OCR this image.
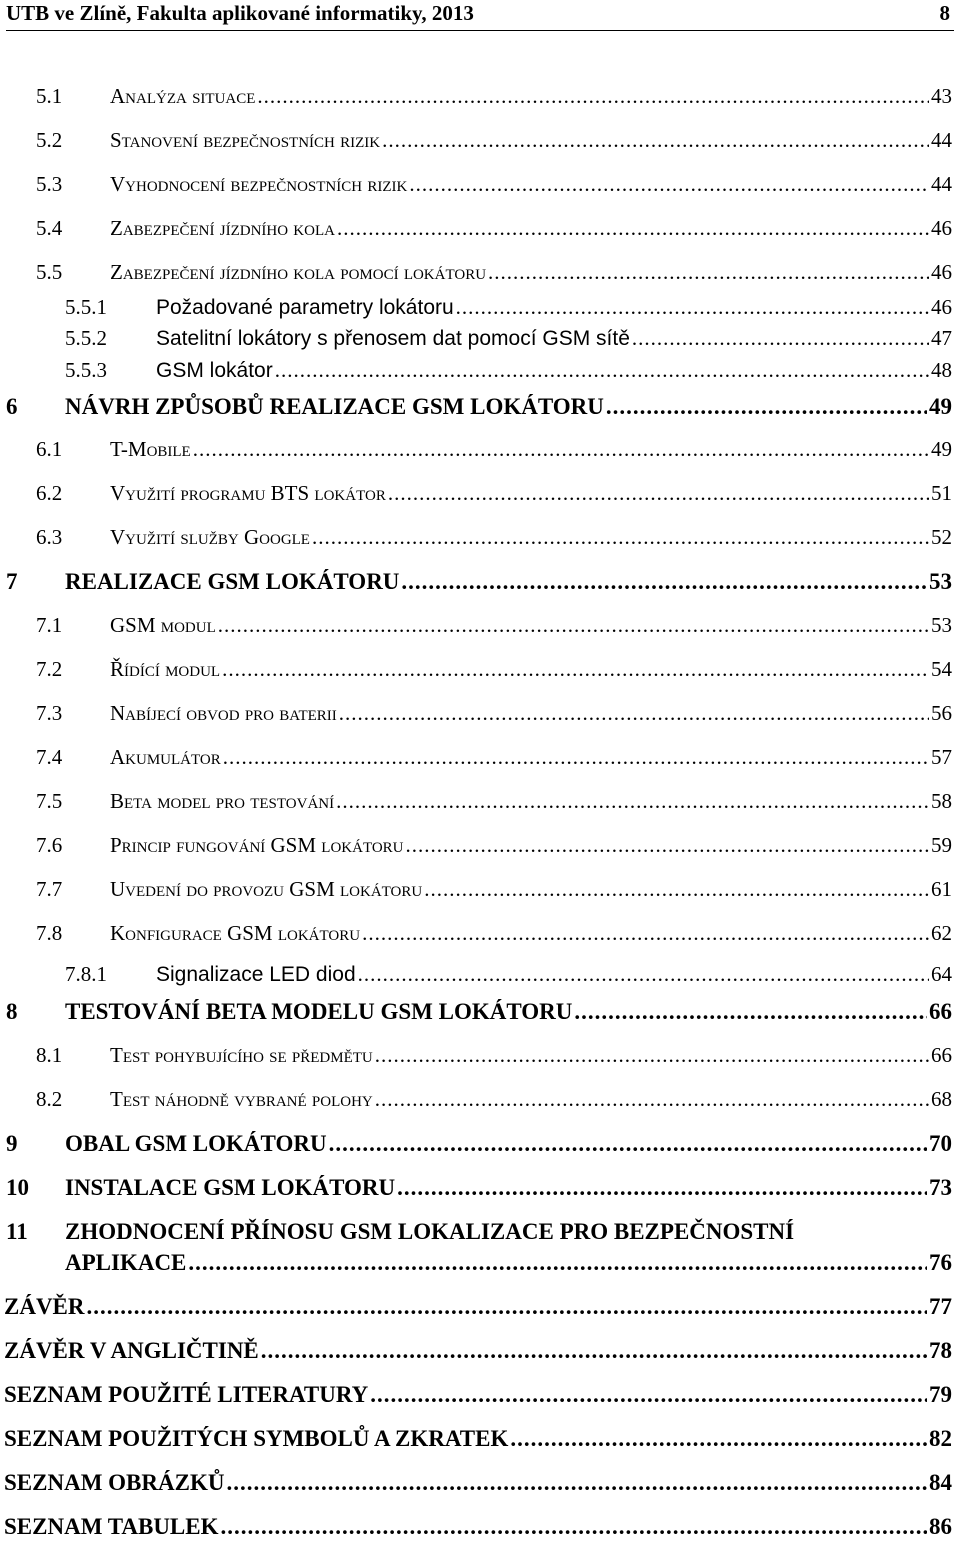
UTB ve Zlíně, Fakulta aplikované informatiky, 2013	8
5.1 Analýza situace .....	43
5.2 Stanovení bezpečnostních rizik .....	44
5.3 Vyhodnocení bezpečnostních rizik .....	44
5.4 Zabezpečení jízdního kola .....	46
5.5 Zabezpečení jízdního kola pomocí lokátoru .....	46
5.5.1 Požadované parametry lokátoru .....	46
5.5.2 Satelitní lokátory s přenosem dat pomocí GSM sítě .....	47
5.5.3 GSM lokátor .....	48
6 NÁVRH ZPŮSOBŮ REALIZACE GSM LOKÁTORU .....	49
6.1 T-Mobile .....	49
6.2 Využití programu BTS lokátor .....	51
6.3 Využití služby Google .....	52
7 REALIZACE GSM LOKÁTORU .....	53
7.1 GSM modul .....	53
7.2 Řídící modul .....	54
7.3 Nabíjecí obvod pro baterii .....	56
7.4 Akumulátor .....	57
7.5 Beta model pro testování .....	58
7.6 Princip fungování GSM lokátoru .....	59
7.7 Uvedení do provozu GSM lokátoru .....	61
7.8 Konfigurace GSM lokátoru .....	62
7.8.1 Signalizace LED diod .....	64
8 TESTOVÁNÍ BETA MODELU GSM LOKÁTORU .....	66
8.1 Test pohybujícího se předmětu .....	66
8.2 Test náhodně vybrané polohy .....	68
9 OBAL GSM LOKÁTORU .....	70
10 INSTALACE GSM LOKÁTORU .....	73
11 ZHODNOCENÍ PŘÍNOSU GSM LOKALIZACE PRO BEZPEČNOSTNÍ
APLIKACE .....	76
ZÁVĚR .....	77
ZÁVĚR V ANGLIČTINĚ .....	78
SEZNAM POUŽITÉ LITERATURY .....	79
SEZNAM POUŽITÝCH SYMBOLŮ A ZKRATEK .....	82
SEZNAM OBRÁZKŮ .....	84
SEZNAM TABULEK .....	86
